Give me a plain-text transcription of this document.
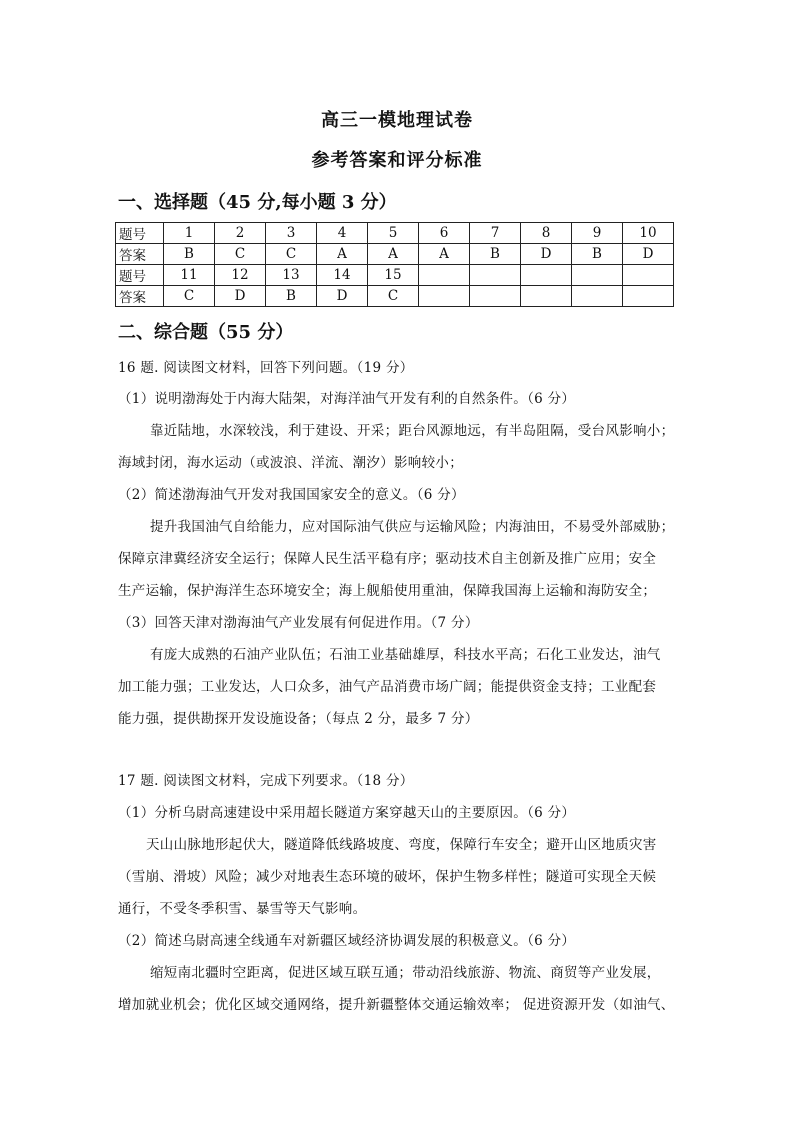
高三一模地理试卷
参考答案和评分标准
一、选择题（45 分,每小题 3 分）
题号	1	2	3	4	5	6	7	8	9	10
答案	B	C	C	A	A	A	B	D	B	D
题号	11	12	13	14	15					
答案	C	D	B	D	C					
二、综合题（55 分）
16 题. 阅读图文材料，回答下列问题。（19 分）
（1）说明渤海处于内海大陆架，对海洋油气开发有利的自然条件。（6 分）
靠近陆地，水深较浅，利于建设、开采；距台风源地远，有半岛阻隔，受台风影响小；
海域封闭，海水运动（或波浪、洋流、潮汐）影响较小；
（2）简述渤海油气开发对我国国家安全的意义。（6 分）
提升我国油气自给能力，应对国际油气供应与运输风险；内海油田，不易受外部威胁；
保障京津冀经济安全运行；保障人民生活平稳有序；驱动技术自主创新及推广应用；安全
生产运输，保护海洋生态环境安全；海上舰船使用重油，保障我国海上运输和海防安全；
（3）回答天津对渤海油气产业发展有何促进作用。（7 分）
有庞大成熟的石油产业队伍；石油工业基础雄厚，科技水平高；石化工业发达，油气
加工能力强；工业发达，人口众多，油气产品消费市场广阔；能提供资金支持；工业配套
能力强，提供勘探开发设施设备；（每点 2 分，最多 7 分）
17 题. 阅读图文材料，完成下列要求。（18 分）
（1）分析乌尉高速建设中采用超长隧道方案穿越天山的主要原因。（6 分）
天山山脉地形起伏大，隧道降低线路坡度、弯度，保障行车安全；避开山区地质灾害
（雪崩、滑坡）风险；减少对地表生态环境的破坏，保护生物多样性；隧道可实现全天候
通行，不受冬季积雪、暴雪等天气影响。
（2）简述乌尉高速全线通车对新疆区域经济协调发展的积极意义。（6 分）
缩短南北疆时空距离，促进区域互联互通；带动沿线旅游、物流、商贸等产业发展，
增加就业机会；优化区域交通网络，提升新疆整体交通运输效率； 促进资源开发（如油气、
